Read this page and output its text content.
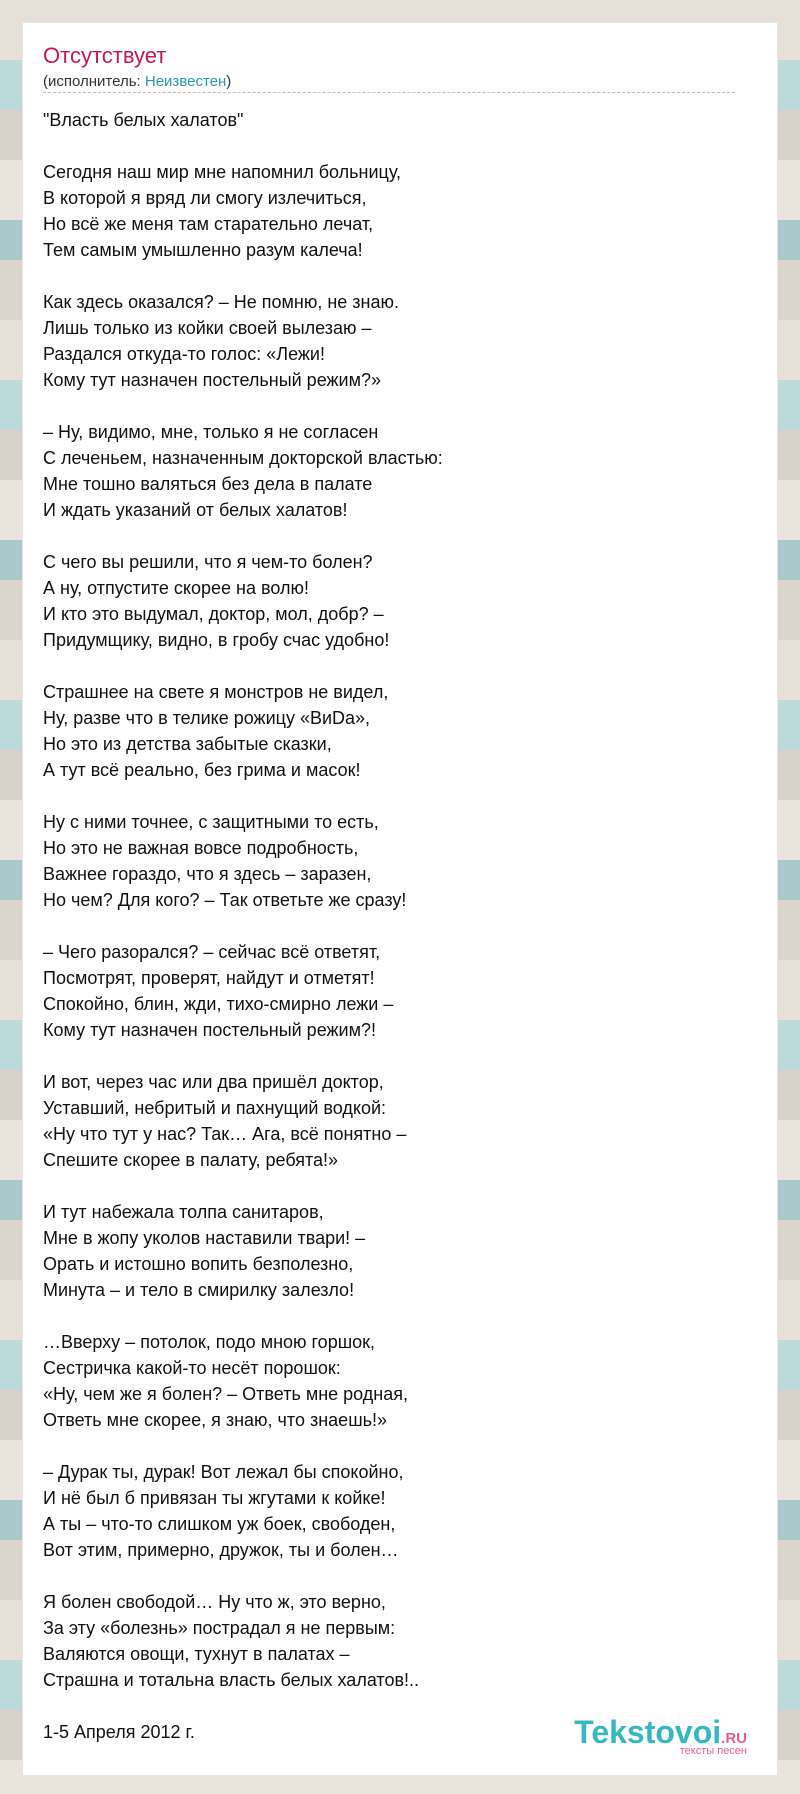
Отсутствует
(исполнитель: Неизвестен)
"Власть белых халатов"
Сегодня наш мир мне напомнил больницу,
В которой я вряд ли смогу излечиться,
Но всё же меня там старательно лечат,
Тем самым умышленно разум калеча!
Как здесь оказался? – Не помню, не знаю.
Лишь только из койки своей вылезаю –
Раздался откуда-то голос: «Лежи!
Кому тут назначен постельный режим?»
– Ну, видимо, мне, только я не согласен
С леченьем, назначенным докторской властью:
Мне тошно валяться без дела в палате
И ждать указаний от белых халатов!
С чего вы решили, что я чем-то болен?
А ну, отпустите скорее на волю!
И кто это выдумал, доктор, мол, добр? –
Придумщику, видно, в гробу счас удобно!
Страшнее на свете я монстров не видел,
Ну, разве что в телике рожицу «ВиDа»,
Но это из детства забытые сказки,
А тут всё реально, без грима и масок!
Ну с ними точнее, с защитными то есть,
Но это не важная вовсе подробность,
Важнее гораздо, что я здесь – заразен,
Но чем? Для кого? – Так ответьте же сразу!
– Чего разорался? – сейчас всё ответят,
Посмотрят, проверят, найдут и отметят!
Спокойно, блин, жди, тихо-смирно лежи –
Кому тут назначен постельный режим?!
И вот, через час или два пришёл доктор,
Уставший, небритый и пахнущий водкой:
«Ну что тут у нас? Так… Ага, всё понятно –
Спешите скорее в палату, ребята!»
И тут набежала толпа санитаров,
Мне в жопу уколов наставили твари! –
Орать и истошно вопить безполезно,
Минута – и тело в смирилку залезло!
…Вверху – потолок, подо мною горшок,
Сестричка какой-то несёт порошок:
«Ну, чем же я болен? – Ответь мне родная,
Ответь мне скорее, я знаю, что знаешь!»
– Дурак ты, дурак! Вот лежал бы спокойно,
И нё был б привязан ты жгутами к койке!
А ты – что-то слишком уж боек, свободен,
Вот этим, примерно, дружок, ты и болен…
Я болен свободой… Ну что ж, это верно,
За эту «болезнь» пострадал я не первым:
Валяются овощи, тухнут в палатах –
Страшна и тотальна власть белых халатов!..
1-5 Апреля 2012 г.	Tekstovoi.RU
тексты песен
